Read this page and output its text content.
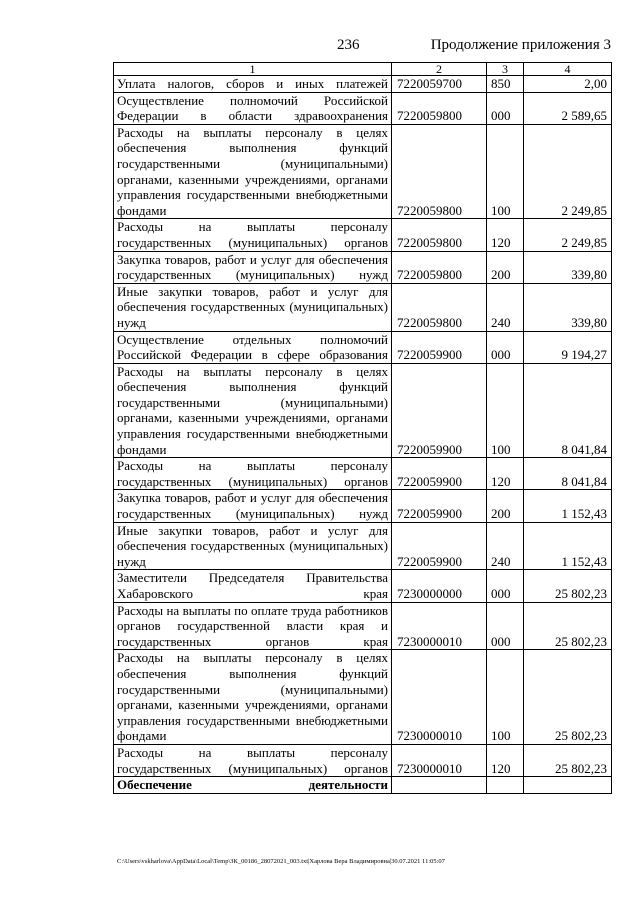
236	Продолжение приложения 3
1	2	3	4
Уплата налогов, сборов и иных платежей	7220059700	850	2,00
Осуществление полномочий Российской Федерации в области здравоохранения	7220059800	000	2 589,65
Расходы на выплаты персоналу в целях обеспечения выполнения функций государственными (муниципальными) органами, казенными учреждениями, органами управления государственными внебюджетными фондами	7220059800	100	2 249,85
Расходы на выплаты персоналу государственных (муниципальных) органов	7220059800	120	2 249,85
Закупка товаров, работ и услуг для обеспечения государственных (муниципальных) нужд	7220059800	200	339,80
Иные закупки товаров, работ и услуг для обеспечения государственных (муниципальных) нужд	7220059800	240	339,80
Осуществление отдельных полномочий Российской Федерации в сфере образования	7220059900	000	9 194,27
Расходы на выплаты персоналу в целях обеспечения выполнения функций государственными (муниципальными) органами, казенными учреждениями, органами управления государственными внебюджетными фондами	7220059900	100	8 041,84
Расходы на выплаты персоналу государственных (муниципальных) органов	7220059900	120	8 041,84
Закупка товаров, работ и услуг для обеспечения государственных (муниципальных) нужд	7220059900	200	1 152,43
Иные закупки товаров, работ и услуг для обеспечения государственных (муниципальных) нужд	7220059900	240	1 152,43
Заместители Председателя Правительства Хабаровского края	7230000000	000	25 802,23
Расходы на выплаты по оплате труда работников органов государственной власти края и государственных органов края	7230000010	000	25 802,23
Расходы на выплаты персоналу в целях обеспечения выполнения функций государственными (муниципальными) органами, казенными учреждениями, органами управления государственными внебюджетными фондами	7230000010	100	25 802,23
Расходы на выплаты персоналу государственных (муниципальных) органов	7230000010	120	25 802,23
Обеспечение деятельности			
C:\Users\vskharlova\AppData\Local\Temp\ЗК_00186_28072021_003.txt|Харлова Вера Владимировна|30.07.2021 11:05:07
